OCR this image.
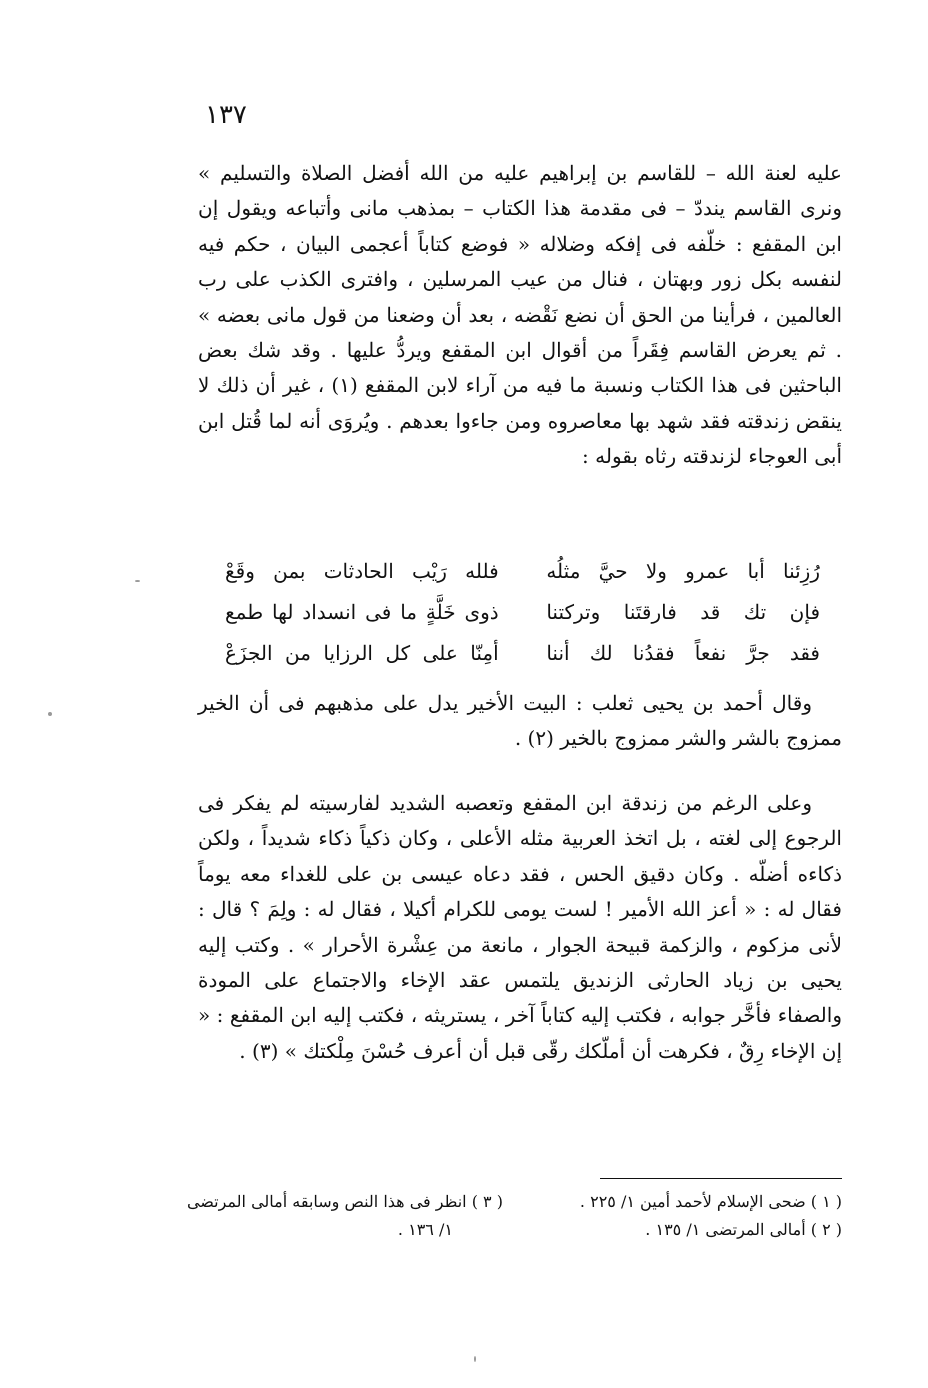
١٣٧

عليه لعنة الله – للقاسم بن إبراهيم عليه من الله أفضل الصلاة والتسليم » ونرى القاسم ينددّ – فى مقدمة هذا الكتاب – بمذهب مانى وأتباعه ويقول إن ابن المقفع : خلّفه فى إفكه وضلاله « فوضع كتاباً أعجمى البيان ، حكم فيه لنفسه بكل زور وبهتان ، فنال من عيب المرسلين ، وافترى الكذب على رب العالمين ، فرأينا من الحق أن نضع نَقْضه ، بعد أن وضعنا من قول مانى بعضه » . ثم يعرض القاسم فِقَراً من أقوال ابن المقفع ويردُّ عليها . وقد شك بعض الباحثين فى هذا الكتاب ونسبة ما فيه من آراء لابن المقفع (١) ، غير أن ذلك لا ينقض زندقته فقد شهد بها معاصروه ومن جاءوا بعدهم . ويُروَى أنه لما قُتل ابن أبى العوجاء لزندقته رثاه بقوله :

رُزِئنا أبا عمرو ولا حيَّ مثلُه
فلله رَيْب الحادثات بمن وقَعْ
فإن تك قد فارقتَنا وتركتنا
ذوى خَلَّةٍ ما فى انسداد لها طمع
فقد جرَّ نفعاً فقدُنا لك أننا
أمِنّا على كل الرزايا من الجزَعْ

وقال أحمد بن يحيى ثعلب : البيت الأخير يدل على مذهبهم فى أن الخير ممزوج بالشر والشر ممزوج بالخير (٢) .

وعلى الرغم من زندقة ابن المقفع وتعصبه الشديد لفارسيته لم يفكر فى الرجوع إلى لغته ، بل اتخذ العربية مثله الأعلى ، وكان ذكياً ذكاء شديداً ، ولكن ذكاءه أضلّه . وكان دقيق الحس ، فقد دعاه عيسى بن على للغداء معه يوماً فقال له : « أعز الله الأمير ! لست يومى للكرام أكيلا ، فقال له : ولِمَ ؟ قال : لأنى مزكوم ، والزكمة قبيحة الجوار ، مانعة من عِشْرة الأحرار » . وكتب إليه يحيى بن زياد الحارثى الزنديق يلتمس عقد الإخاء والاجتماع على المودة والصفاء فأخَّر جوابه ، فكتب إليه كتاباً آخر ، يستريثه ، فكتب إليه ابن المقفع : « إن الإخاء رِقٌ ، فكرهت أن أملّكك رقّى قبل أن أعرف حُسْنَ مِلْكتك » (٣) .

( ١ ) ضحى الإسلام لأحمد أمين ١/ ٢٢٥ .
( ٢ ) أمالى المرتضى ١/ ١٣٥ .
( ٣ ) انظر فى هذا النص وسابقه أمالى المرتضى
١/ ١٣٦ .
